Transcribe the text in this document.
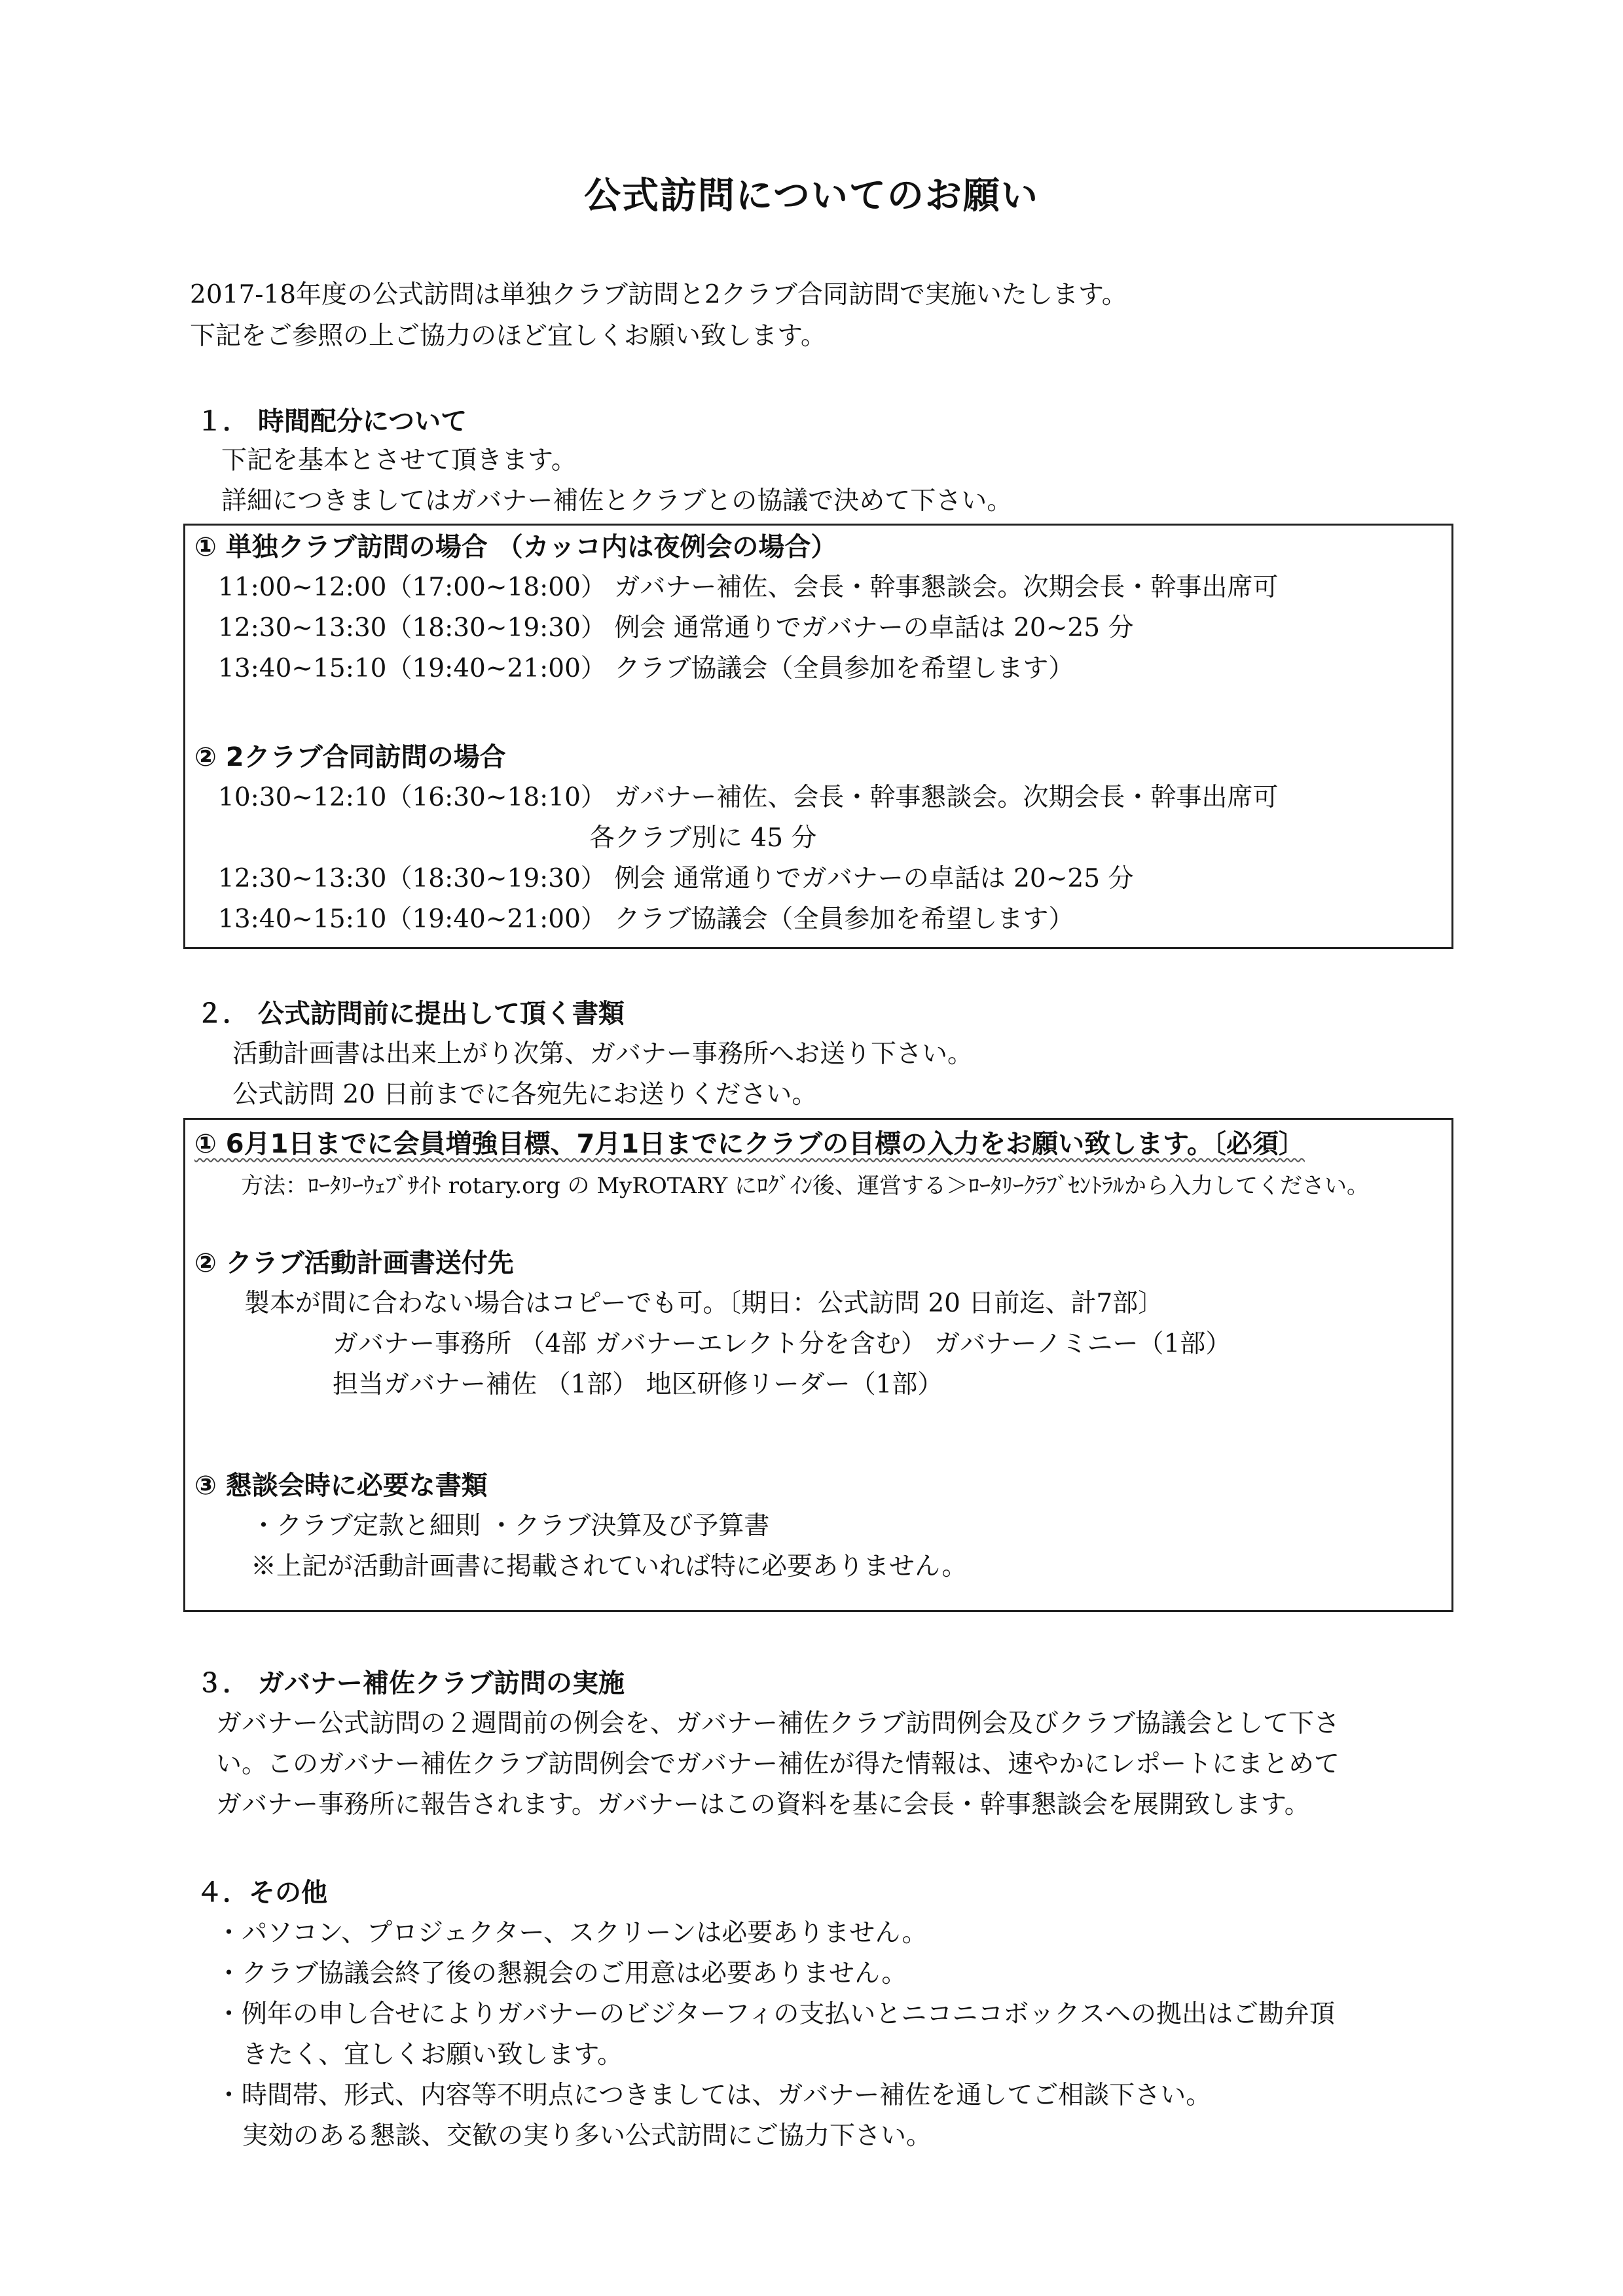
公式訪問についてのお願い
2017-18年度の公式訪問は単独クラブ訪問と2クラブ合同訪問で実施いたします。
下記をご参照の上ご協力のほど宜しくお願い致します。
１． 時間配分について
下記を基本とさせて頂きます。
詳細につきましてはガバナー補佐とクラブとの協議で決めて下さい。
① 単独クラブ訪問の場合 （カッコ内は夜例会の場合）
11:00~12:00（17:00~18:00） ガバナー補佐、会長・幹事懇談会。次期会長・幹事出席可
12:30~13:30（18:30~19:30） 例会 通常通りでガバナーの卓話は 20~25 分
13:40~15:10（19:40~21:00） クラブ協議会（全員参加を希望します）
② 2クラブ合同訪問の場合
10:30~12:10（16:30~18:10） ガバナー補佐、会長・幹事懇談会。次期会長・幹事出席可
各クラブ別に 45 分
12:30~13:30（18:30~19:30） 例会 通常通りでガバナーの卓話は 20~25 分
13:40~15:10（19:40~21:00） クラブ協議会（全員参加を希望します）
２． 公式訪問前に提出して頂く書類
活動計画書は出来上がり次第、ガバナー事務所へお送り下さい。
公式訪問 20 日前までに各宛先にお送りください。
① 6月1日までに会員増強目標、7月1日までにクラブの目標の入力をお願い致します。〔必須〕
方法：ﾛｰﾀﾘｰｳｪﾌﾞｻｲﾄ rotary.org の MyROTARY にﾛｸﾞｲﾝ後、運営する＞ﾛｰﾀﾘｰｸﾗﾌﾞｾﾝﾄﾗﾙから入力してください。
② クラブ活動計画書送付先
製本が間に合わない場合はコピーでも可。〔期日：公式訪問 20 日前迄、計7部〕
ガバナー事務所 （4部 ガバナーエレクト分を含む） ガバナーノミニー（1部）
担当ガバナー補佐 （1部） 地区研修リーダー（1部）
③ 懇談会時に必要な書類
・クラブ定款と細則 ・クラブ決算及び予算書
※上記が活動計画書に掲載されていれば特に必要ありません。
３． ガバナー補佐クラブ訪問の実施
ガバナー公式訪問の２週間前の例会を、ガバナー補佐クラブ訪問例会及びクラブ協議会として下さ
い。このガバナー補佐クラブ訪問例会でガバナー補佐が得た情報は、速やかにレポートにまとめて
ガバナー事務所に報告されます。ガバナーはこの資料を基に会長・幹事懇談会を展開致します。
４．その他
・パソコン、プロジェクター、スクリーンは必要ありません。
・クラブ協議会終了後の懇親会のご用意は必要ありません。
・例年の申し合せによりガバナーのビジターフィの支払いとニコニコボックスへの拠出はご勘弁頂
きたく、宜しくお願い致します。
・時間帯、形式、内容等不明点につきましては、ガバナー補佐を通してご相談下さい。
実効のある懇談、交歓の実り多い公式訪問にご協力下さい。
